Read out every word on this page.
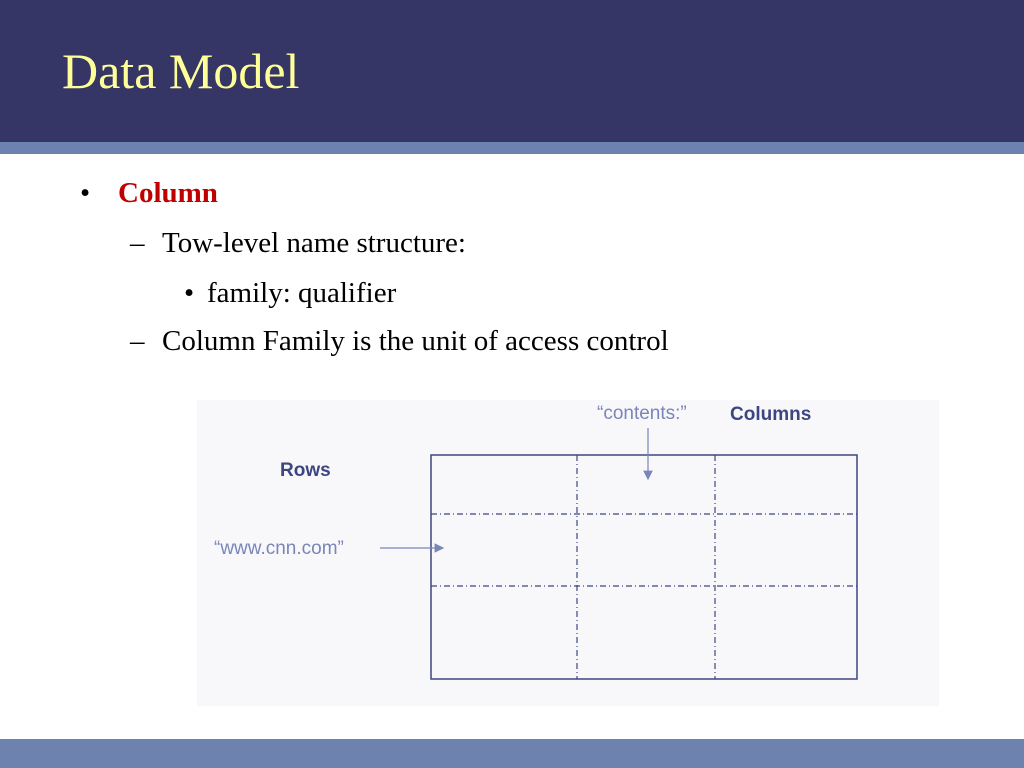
Data Model
• Column
– Tow-level name structure:
• family: qualifier
– Column Family is the unit of access control
Rows
Columns
“contents:”
“www.cnn.com”
